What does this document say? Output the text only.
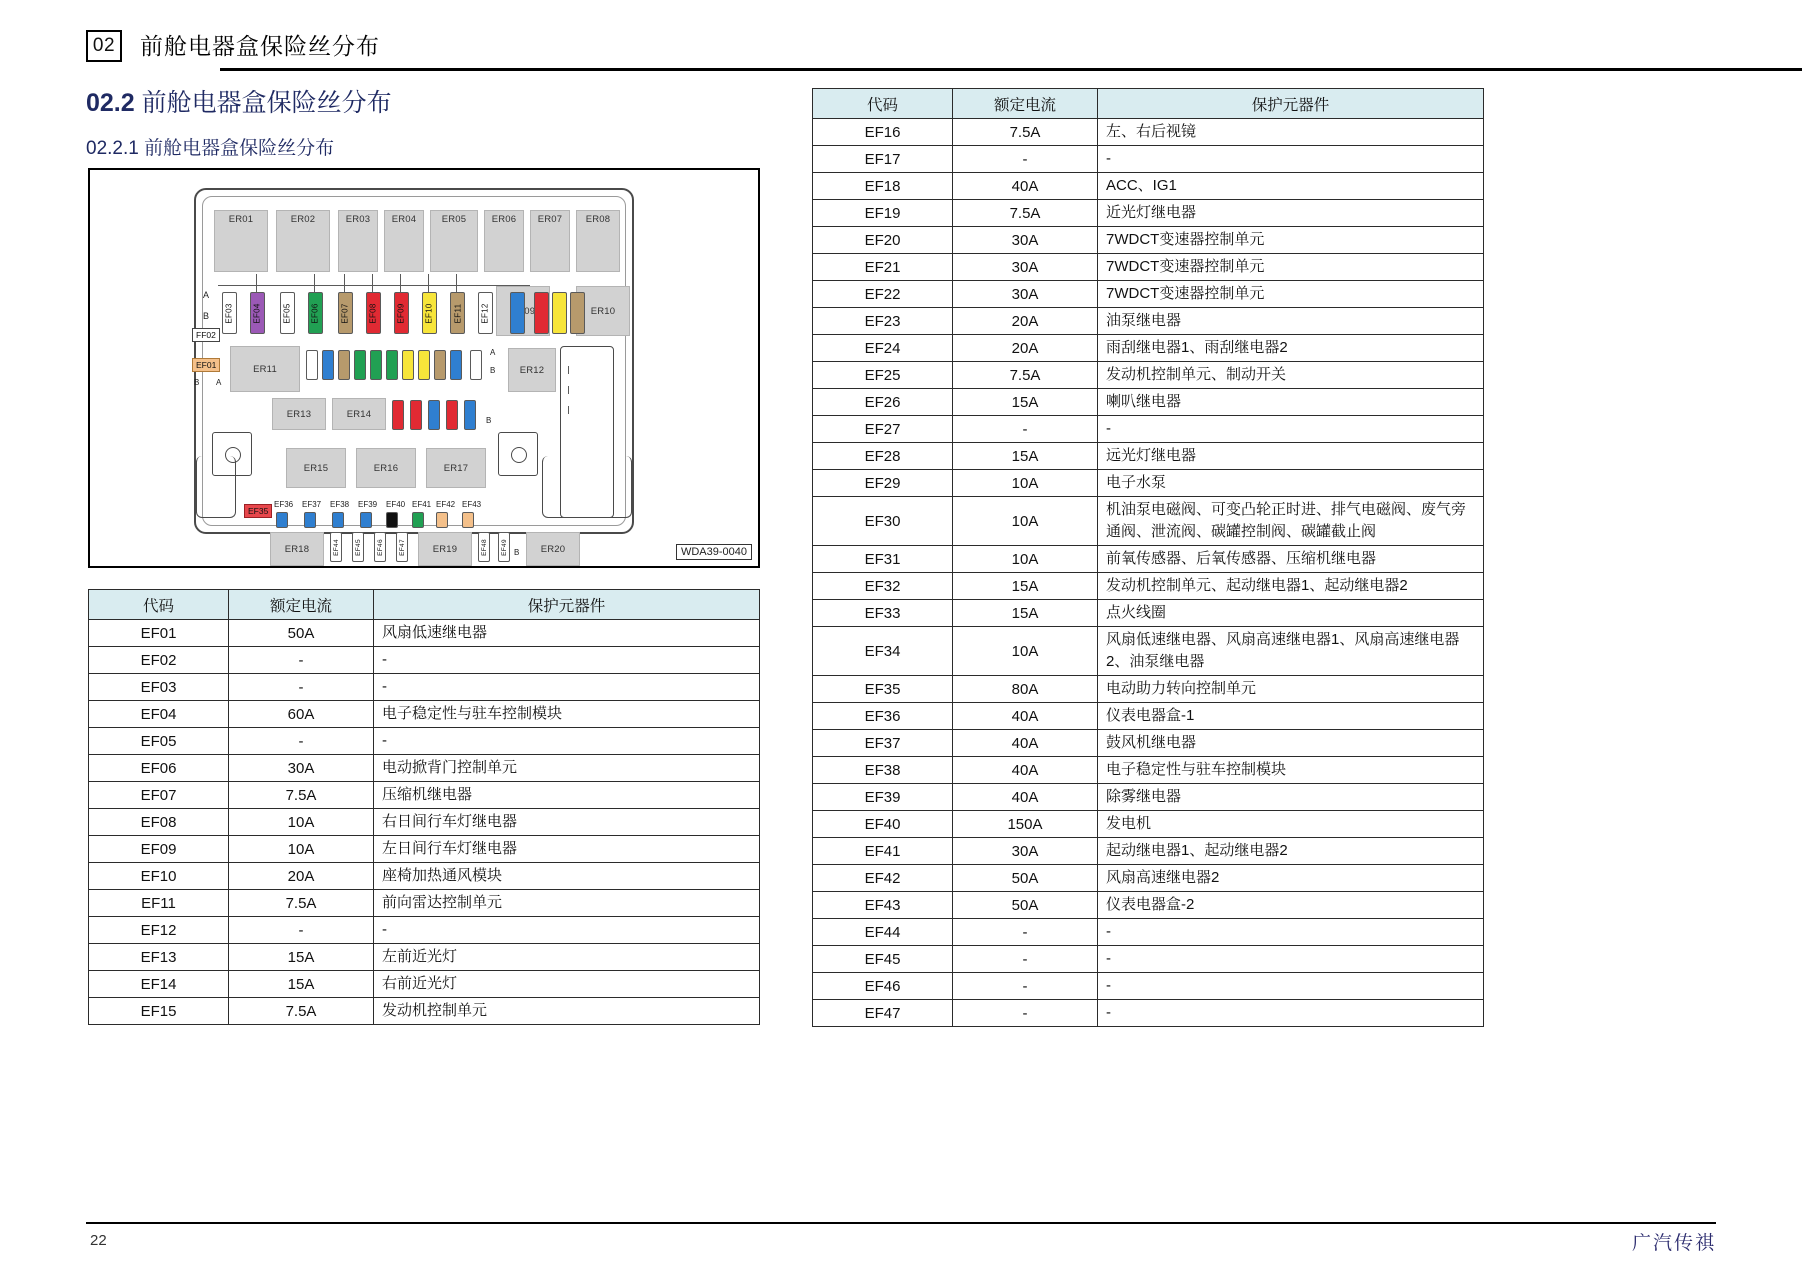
02	前舱电器盒保险丝分布
02.2 前舱电器盒保险丝分布
02.2.1 前舱电器盒保险丝分布
ER01	ER02	ER03 ER04	ER05	ER06 ER07 ER08
A
B EF03 EF04	EF05 EF06	EF07 EF08 EF09 EF10 EF11 EF12	ER10
FF02
EF01
B A
ER11
A
B	ER12
ER13	ER14
B
ER15	ER16	ER17
EF35
EF36 EF37 EF38 EF39 EF40 EF41 EF42 EF43
ER18	EF44 EF45 EF46 EF47	ER19	EF48 EF49 B ER20	WDA39-0040
代码	额定电流	保护元器件
EF01	50A	风扇低速继电器

EF02	-	-

EF03	-	-

EF04	60A	电子稳定性与驻车控制模块

EF05	-	-

EF06	30A	电动掀背门控制单元

EF07	7.5A	压缩机继电器

EF08	10A	右日间行车灯继电器

EF09	10A	左日间行车灯继电器

EF10	20A	座椅加热通风模块

EF11	7.5A	前向雷达控制单元

EF12	-	-

EF13	15A	左前近光灯

EF14	15A	右前近光灯

EF15	7.5A	发动机控制单元
代码	额定电流	保护元器件
EF16	7.5A	左、右后视镜

EF17	-	-

EF18	40A	ACC、IG1

EF19	7.5A	近光灯继电器

EF20	30A	7WDCT变速器控制单元

EF21	30A	7WDCT变速器控制单元

EF22	30A	7WDCT变速器控制单元

EF23	20A	油泵继电器

EF24	20A	雨刮继电器1、雨刮继电器2

EF25	7.5A	发动机控制单元、制动开关

EF26	15A	喇叭继电器

EF27	-	-

EF28	15A	远光灯继电器

EF29	10A	电子水泵

EF30	10A	机油泵电磁阀、可变凸轮正时进、排气电磁阀、废气旁
通阀、泄流阀、碳罐控制阀、碳罐截止阀

EF31	10A	前氧传感器、后氧传感器、压缩机继电器

EF32	15A	发动机控制单元、起动继电器1、起动继电器2

EF33	15A	点火线圈

EF34	10A	风扇低速继电器、风扇高速继电器1、风扇高速继电器
2、油泵继电器

EF35	80A	电动助力转向控制单元

EF36	40A	仪表电器盒-1

EF37	40A	鼓风机继电器

EF38	40A	电子稳定性与驻车控制模块

EF39	40A	除雾继电器

EF40	150A	发电机

EF41	30A	起动继电器1、起动继电器2

EF42	50A	风扇高速继电器2

EF43	50A	仪表电器盒-2

EF44	-	-

EF45	-	-

EF46	-	-

EF47	-	-
22	广汽传祺
